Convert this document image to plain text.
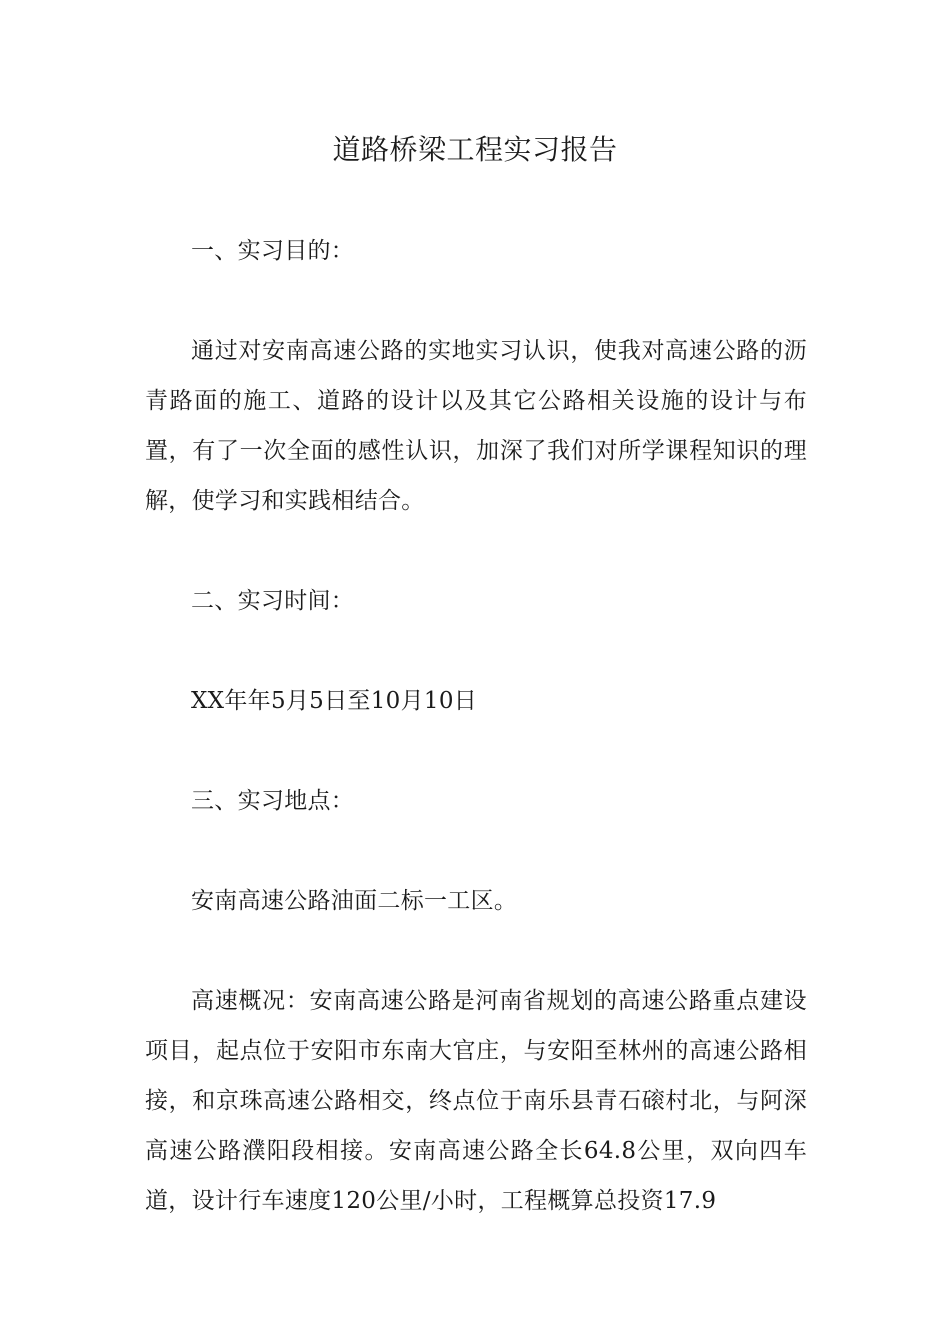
道路桥梁工程实习报告

一、实习目的：

通过对安南高速公路的实地实习认识，使我对高速公路的沥青路面的施工、道路的设计以及其它公路相关设施的设计与布置，有了一次全面的感性认识，加深了我们对所学课程知识的理解，使学习和实践相结合。

二、实习时间：

XX年年5月5日至10月10日

三、实习地点：

安南高速公路油面二标一工区。

高速概况：安南高速公路是河南省规划的高速公路重点建设项目，起点位于安阳市东南大官庄，与安阳至林州的高速公路相接，和京珠高速公路相交，终点位于南乐县青石磙村北，与阿深高速公路濮阳段相接。安南高速公路全长64.8公里，双向四车道，设计行车速度120公里/小时，工程概算总投资17.9
